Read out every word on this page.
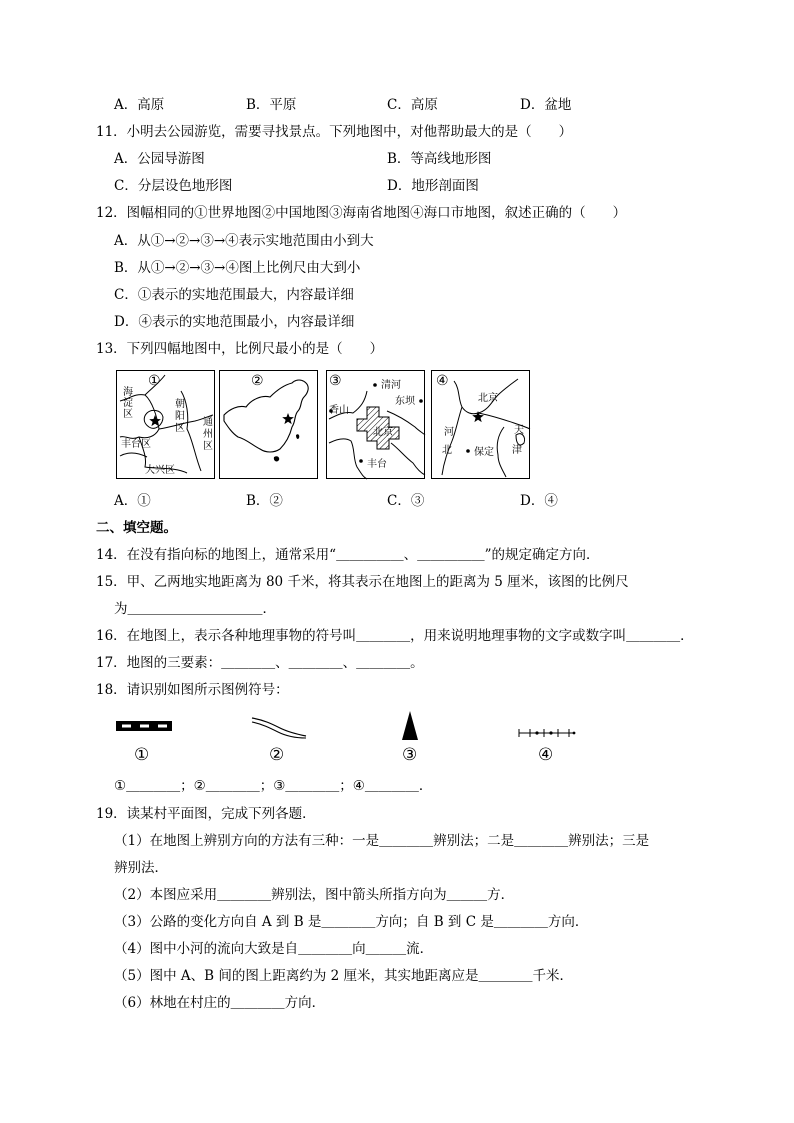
A．高原	B．平原	C．高原	D．盆地
11．小明去公园游览，需要寻找景点。下列地图中，对他帮助最大的是（　　）
A．公园导游图	B．等高线地形图
C．分层设色地形图	D．地形剖面图
12．图幅相同的①世界地图②中国地图③海南省地图④海口市地图，叙述正确的（　　）
A．从①→②→③→④表示实地范围由小到大
B．从①→②→③→④图上比例尺由大到小
C．①表示的实地范围最大，内容最详细
D．④表示的实地范围最小，内容最详细
13．下列四幅地图中，比例尺最小的是（　　）
①
海
淀
区
朝
阳
区
通
州
区
丰台区
大兴区
②	③	清河
东坝
香山
北京
丰台
④
北京
河
北 保定
天
津
A．①	B．②	C．③	D．④
二、填空题。
14．在没有指向标的地图上，通常采用“＿＿＿＿＿、＿＿＿＿＿”的规定确定方向．
15．甲、乙两地实地距离为 80 千米，将其表示在地图上的距离为 5 厘米，该图的比例尺
为＿＿＿＿＿＿＿＿＿＿．
16．在地图上，表示各种地理事物的符号叫＿＿＿＿，用来说明地理事物的文字或数字叫＿＿＿＿．
17．地图的三要素：＿＿＿＿、＿＿＿＿、＿＿＿＿。
18．请识别如图所示图例符号：
①	②	③	④
①＿＿＿＿；②＿＿＿＿；③＿＿＿＿；④＿＿＿＿．
19．读某村平面图，完成下列各题．
（1）在地图上辨别方向的方法有三种：一是＿＿＿＿辨别法；二是＿＿＿＿辨别法；三是
辨别法．
（2）本图应采用＿＿＿＿辨别法，图中箭头所指方向为＿＿＿方．
（3）公路的变化方向自 A 到 B 是＿＿＿＿方向；自 B 到 C 是＿＿＿＿方向．
（4）图中小河的流向大致是自＿＿＿＿向＿＿＿流．
（5）图中 A、B 间的图上距离约为 2 厘米，其实地距离应是＿＿＿＿千米．
（6）林地在村庄的＿＿＿＿方向．
